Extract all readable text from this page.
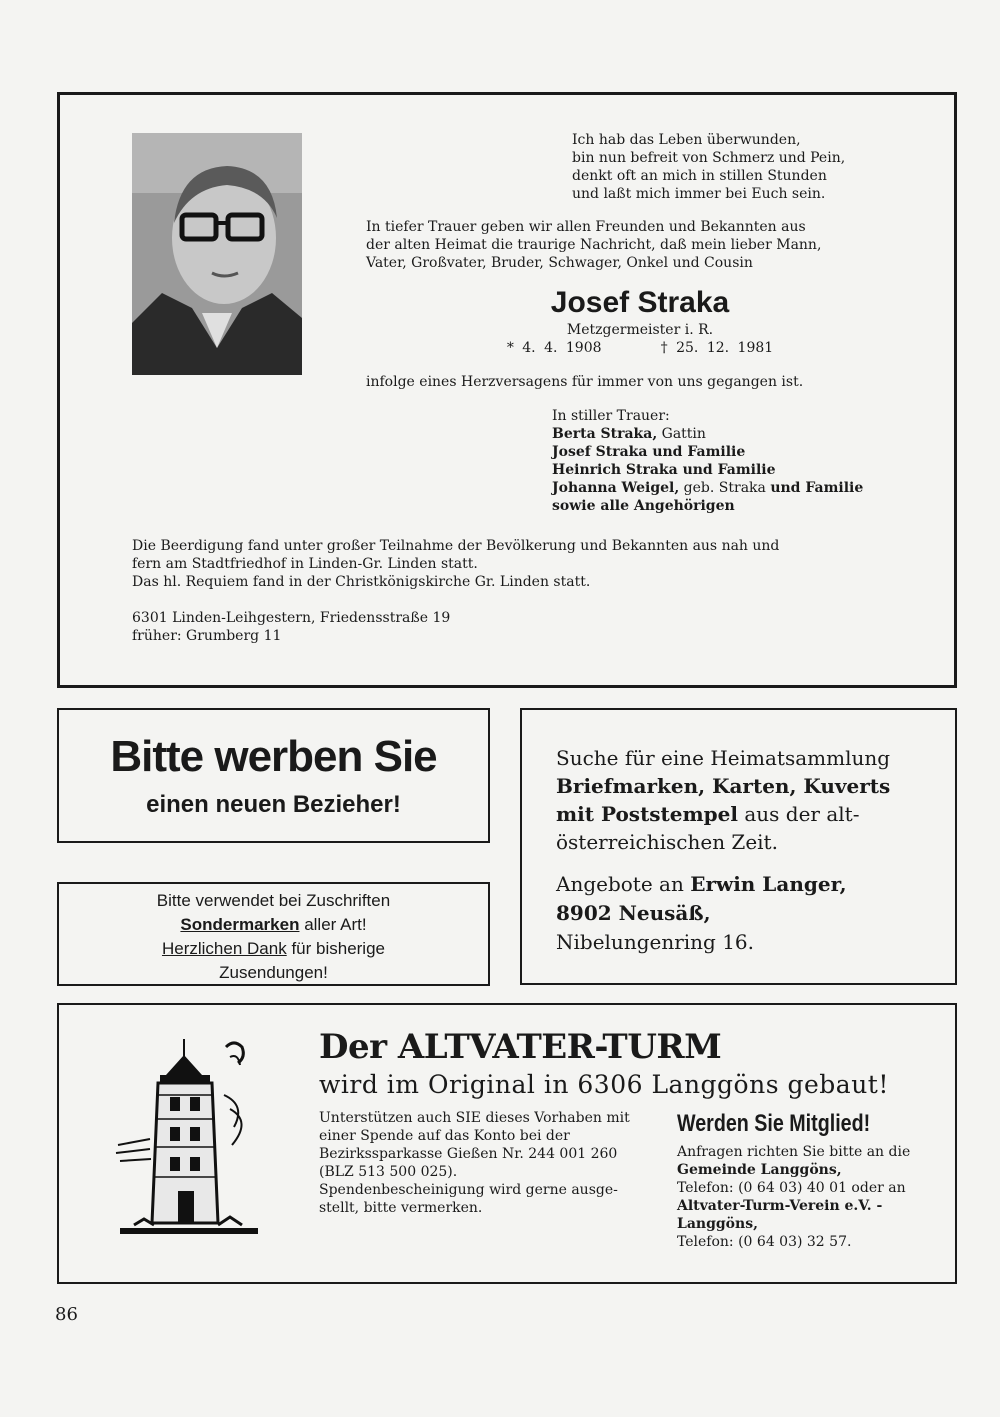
Ich hab das Leben überwunden,
bin nun befreit von Schmerz und Pein,
denkt oft an mich in stillen Stunden
und laßt mich immer bei Euch sein.
In tiefer Trauer geben wir allen Freunden und Bekannten aus
der alten Heimat die traurige Nachricht, daß mein lieber Mann,
Vater, Großvater, Bruder, Schwager, Onkel und Cousin
Josef Straka
Metzgermeister i. R.
* 4. 4. 1908	† 25. 12. 1981
infolge eines Herzversagens für immer von uns gegangen ist.
In stiller Trauer:
Berta Straka, Gattin
Josef Straka und Familie
Heinrich Straka und Familie
Johanna Weigel, geb. Straka und Familie
sowie alle Angehörigen
Die Beerdigung fand unter großer Teilnahme der Bevölkerung und Bekannten aus nah und
fern am Stadtfriedhof in Linden-Gr. Linden statt.
Das hl. Requiem fand in der Christkönigskirche Gr. Linden statt.
6301 Linden-Leihgestern, Friedensstraße 19
früher: Grumberg 11
Bitte werben Sie
einen neuen Bezieher!
Bitte verwendet bei Zuschriften
Sondermarken aller Art!
Herzlichen Dank für bisherige
Zusendungen!
Suche für eine Heimatsammlung
Briefmarken, Karten, Kuverts
mit Poststempel aus der alt-
österreichischen Zeit.
Angebote an Erwin Langer,
8902 Neusäß,
Nibelungenring 16.
Der ALTVATER-TURM
wird im Original in 6306 Langgöns gebaut!
Unterstützen auch SIE dieses Vorhaben mit
einer Spende auf das Konto bei der
Bezirkssparkasse Gießen Nr. 244 001 260
(BLZ 513 500 025).
Spendenbescheinigung wird gerne ausge-
stellt, bitte vermerken.
Werden Sie Mitglied!
Anfragen richten Sie bitte an die
Gemeinde Langgöns,
Telefon: (0 64 03) 40 01 oder an
Altvater-Turm-Verein e.V. -
Langgöns,
Telefon: (0 64 03) 32 57.
86
